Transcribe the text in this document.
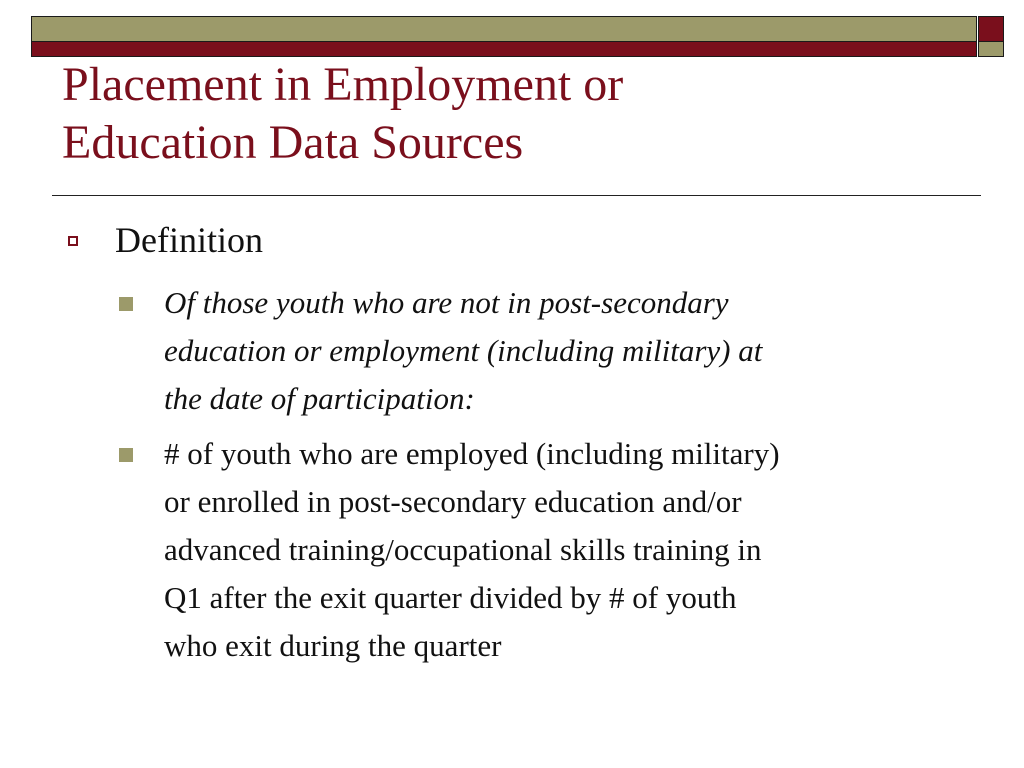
Placement in Employment or
Education Data Sources
Definition
Of those youth who are not in post-secondary
education or employment (including military) at
the date of participation:
# of youth who are employed (including military)
or enrolled in post-secondary education and/or
advanced training/occupational skills training in
Q1 after the exit quarter divided by # of youth
who exit during the quarter
